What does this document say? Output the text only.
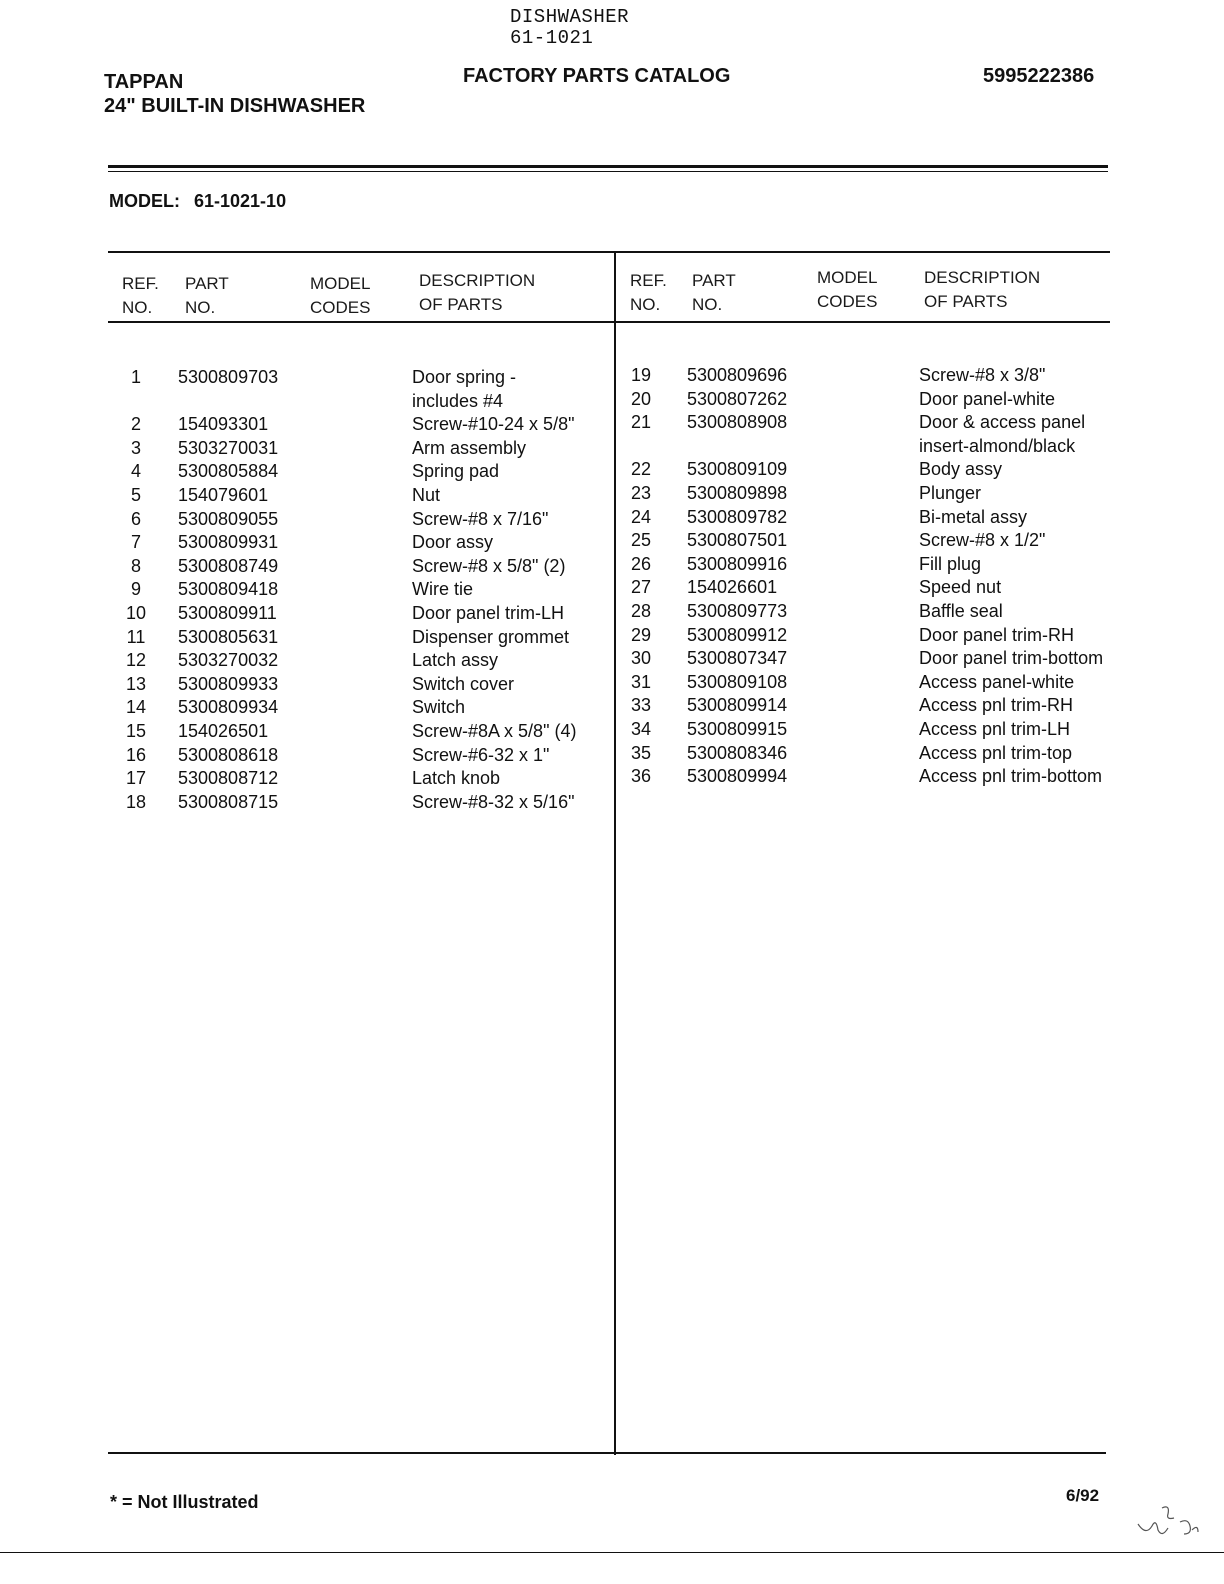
DISHWASHER
61-1021
TAPPAN
24" BUILT-IN DISHWASHER
FACTORY PARTS CATALOG	5995222386
MODEL: 61-1021-10
REF.
NO.
PART
NO.
MODEL
CODES
DESCRIPTION
OF PARTS
REF.
NO.
PART
NO.
MODEL
CODES
DESCRIPTION
OF PARTS
1	5300809703	Door spring -
includes #4
2	154093301	Screw-#10-24 x 5/8"
3	5303270031	Arm assembly
4	5300805884	Spring pad
5	154079601	Nut
6	5300809055	Screw-#8 x 7/16"
7	5300809931	Door assy
8	5300808749	Screw-#8 x 5/8" (2)
9	5300809418	Wire tie
10	5300809911	Door panel trim-LH
11	5300805631	Dispenser grommet
12	5303270032	Latch assy
13	5300809933	Switch cover
14	5300809934	Switch
15	154026501	Screw-#8A x 5/8" (4)
16	5300808618	Screw-#6-32 x 1"
17	5300808712	Latch knob
18	5300808715	Screw-#8-32 x 5/16"
19	5300809696	Screw-#8 x 3/8"
20	5300807262	Door panel-white
21	5300808908	Door & access panel
insert-almond/black
22	5300809109	Body assy
23	5300809898	Plunger
24	5300809782	Bi-metal assy
25	5300807501	Screw-#8 x 1/2"
26	5300809916	Fill plug
27	154026601	Speed nut
28	5300809773	Baffle seal
29	5300809912	Door panel trim-RH
30	5300807347	Door panel trim-bottom
31	5300809108	Access panel-white
33	5300809914	Access pnl trim-RH
34	5300809915	Access pnl trim-LH
35	5300808346	Access pnl trim-top
36	5300809994	Access pnl trim-bottom
* = Not Illustrated	6/92
